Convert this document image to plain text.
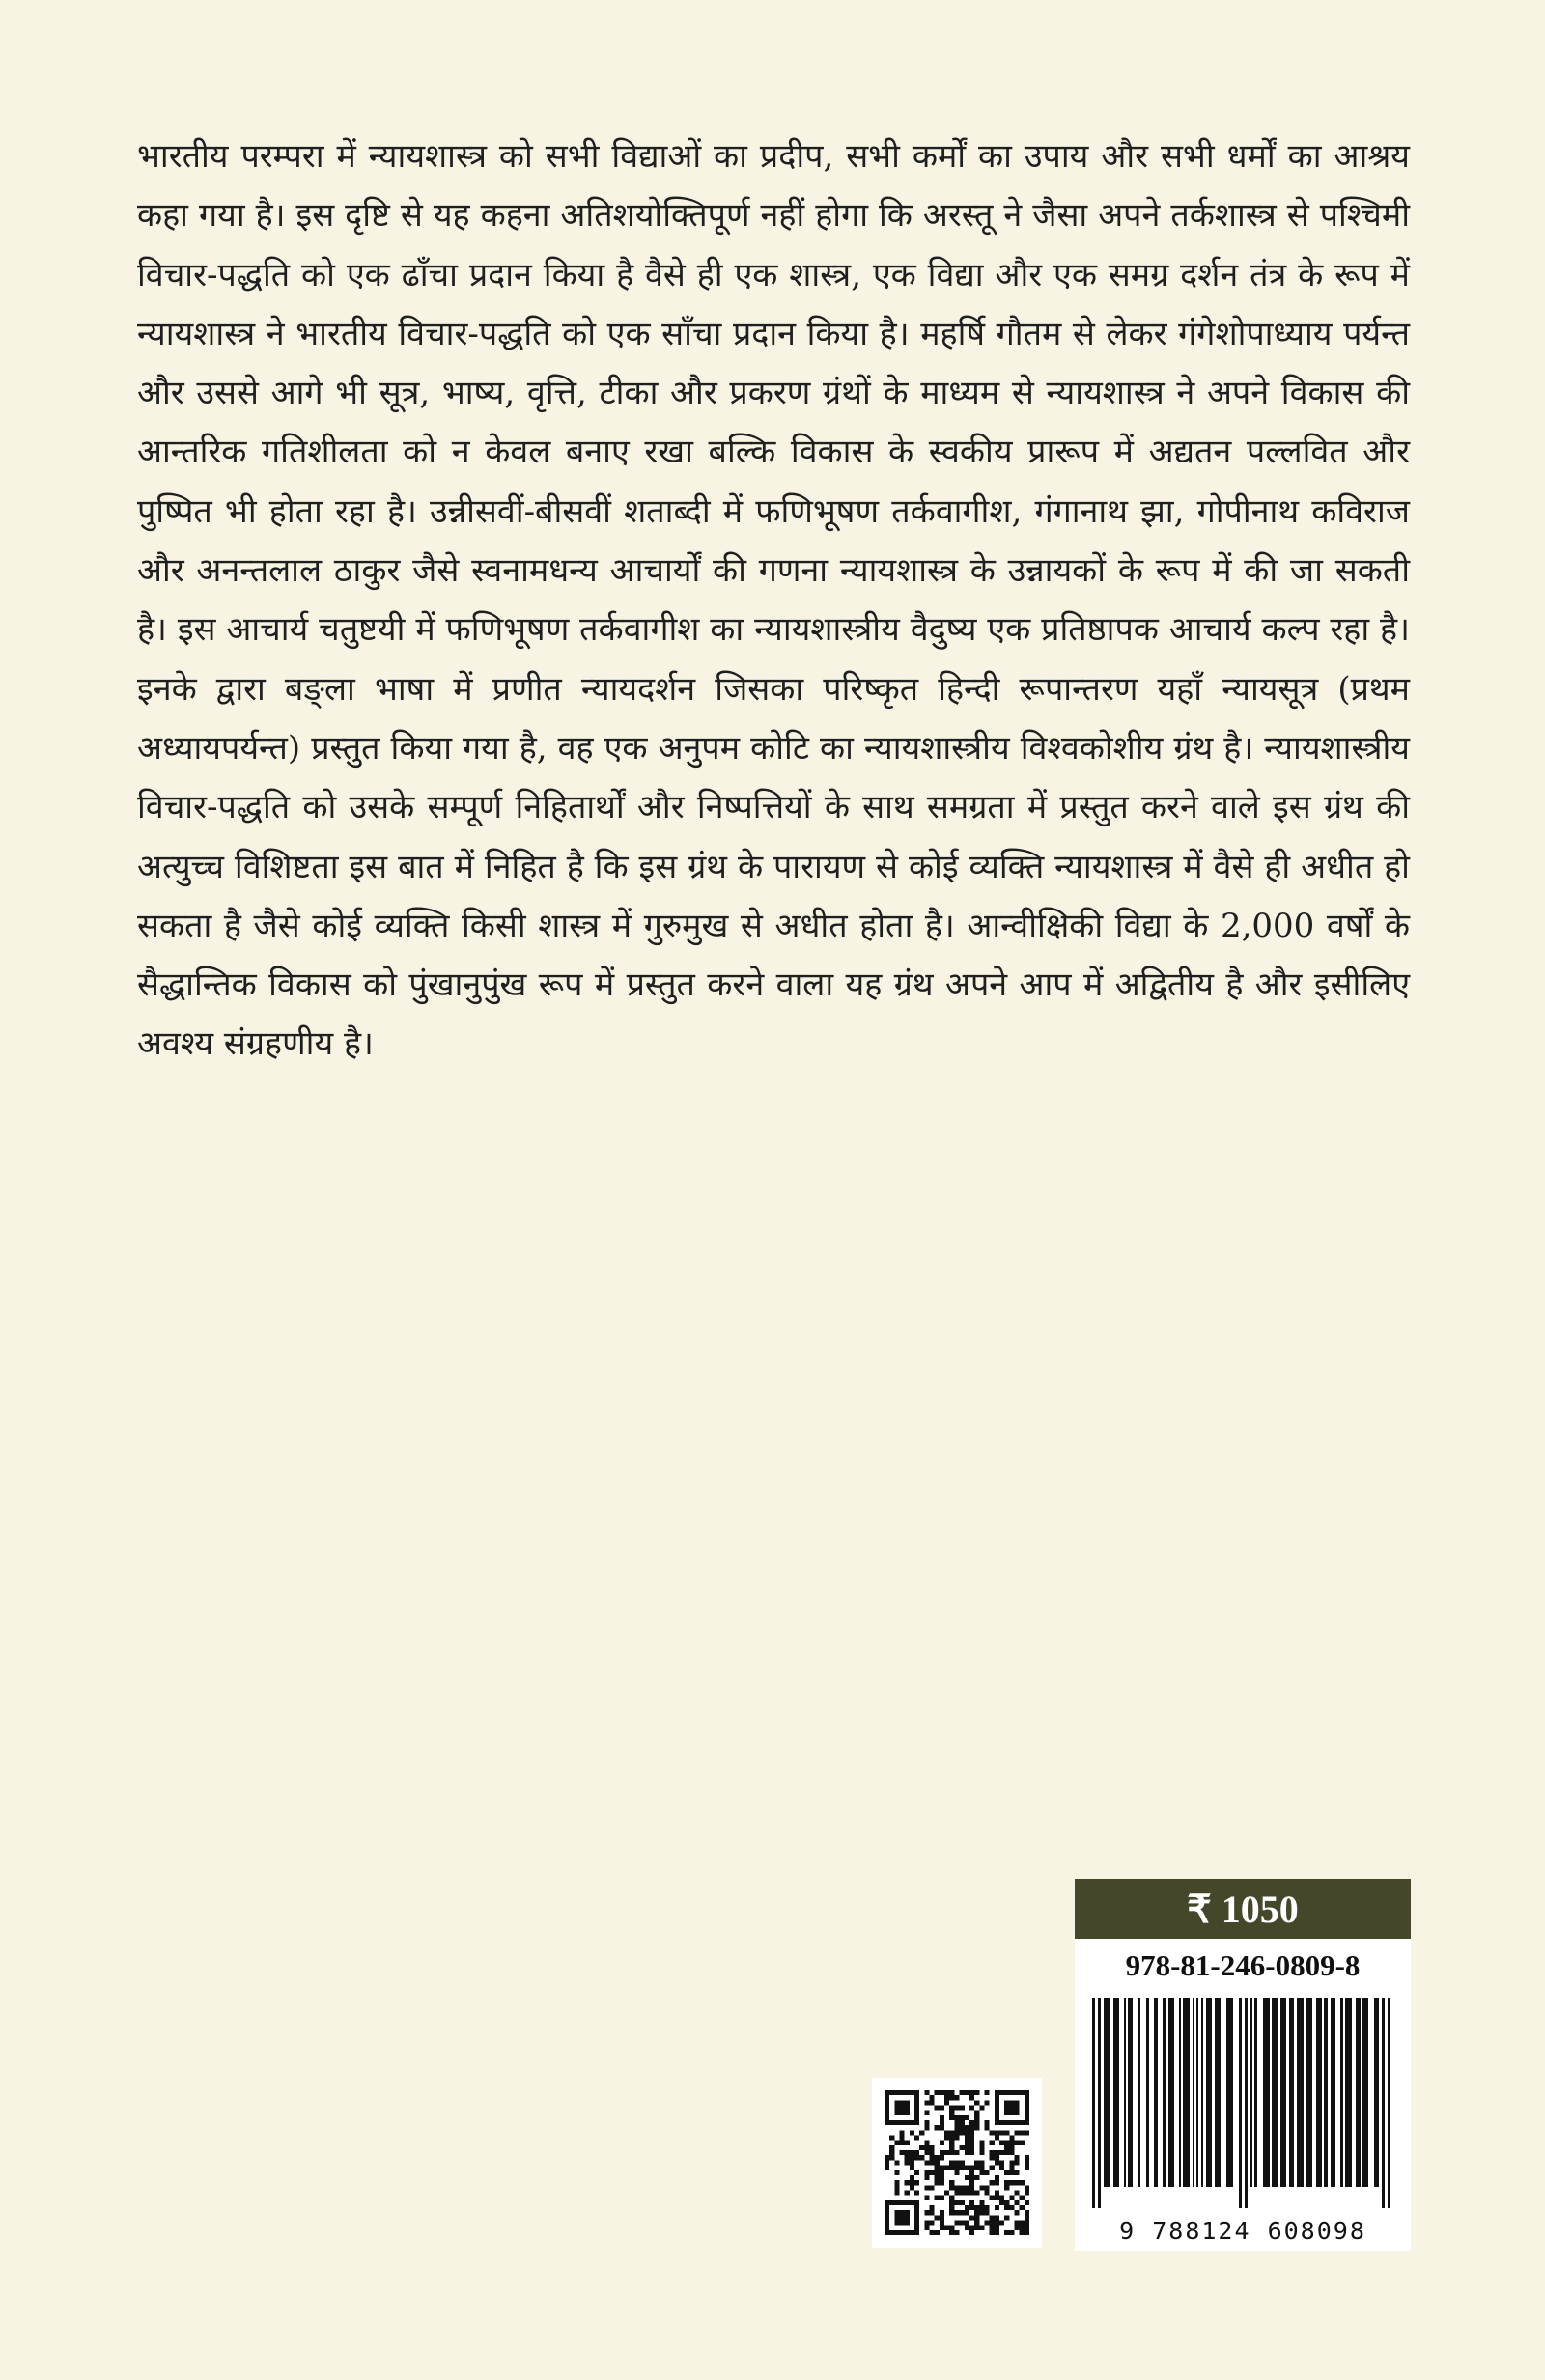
भारतीय परम्परा में न्यायशास्त्र को सभी विद्याओं का प्रदीप, सभी कर्मों का उपाय और सभी धर्मों का आश्रय कहा गया है। इस दृष्टि से यह कहना अतिशयोक्तिपूर्ण नहीं होगा कि अरस्तू ने जैसा अपने तर्कशास्त्र से पश्चिमी विचार-पद्धति को एक ढाँचा प्रदान किया है वैसे ही एक शास्त्र, एक विद्या और एक समग्र दर्शन तंत्र के रूप में न्यायशास्त्र ने भारतीय विचार-पद्धति को एक साँचा प्रदान किया है। महर्षि गौतम से लेकर गंगेशोपाध्याय पर्यन्त और उससे आगे भी सूत्र, भाष्य, वृत्ति, टीका और प्रकरण ग्रंथों के माध्यम से न्यायशास्त्र ने अपने विकास की आन्तरिक गतिशीलता को न केवल बनाए रखा बल्कि विकास के स्वकीय प्रारूप में अद्यतन पल्लवित और पुष्पित भी होता रहा है। उन्नीसवीं-बीसवीं शताब्दी में फणिभूषण तर्कवागीश, गंगानाथ झा, गोपीनाथ कविराज और अनन्तलाल ठाकुर जैसे स्वनामधन्य आचार्यों की गणना न्यायशास्त्र के उन्नायकों के रूप में की जा सकती है। इस आचार्य चतुष्टयी में फणिभूषण तर्कवागीश का न्यायशास्त्रीय वैदुष्य एक प्रतिष्ठापक आचार्य कल्प रहा है। इनके द्वारा बङ्ला भाषा में प्रणीत न्यायदर्शन जिसका परिष्कृत हिन्दी रूपान्तरण यहाँ न्यायसूत्र (प्रथम अध्यायपर्यन्त) प्रस्तुत किया गया है, वह एक अनुपम कोटि का न्यायशास्त्रीय विश्वकोशीय ग्रंथ है। न्यायशास्त्रीय विचार-पद्धति को उसके सम्पूर्ण निहितार्थों और निष्पत्तियों के साथ समग्रता में प्रस्तुत करने वाले इस ग्रंथ की अत्युच्च विशिष्टता इस बात में निहित है कि इस ग्रंथ के पारायण से कोई व्यक्ति न्यायशास्त्र में वैसे ही अधीत हो सकता है जैसे कोई व्यक्ति किसी शास्त्र में गुरुमुख से अधीत होता है। आन्वीक्षिकी विद्या के 2,000 वर्षों के सैद्धान्तिक विकास को पुंखानुपुंख रूप में प्रस्तुत करने वाला यह ग्रंथ अपने आप में अद्वितीय है और इसीलिए अवश्य संग्रहणीय है।

₹ 1050
978-81-246-0809-8
9 788124 608098
